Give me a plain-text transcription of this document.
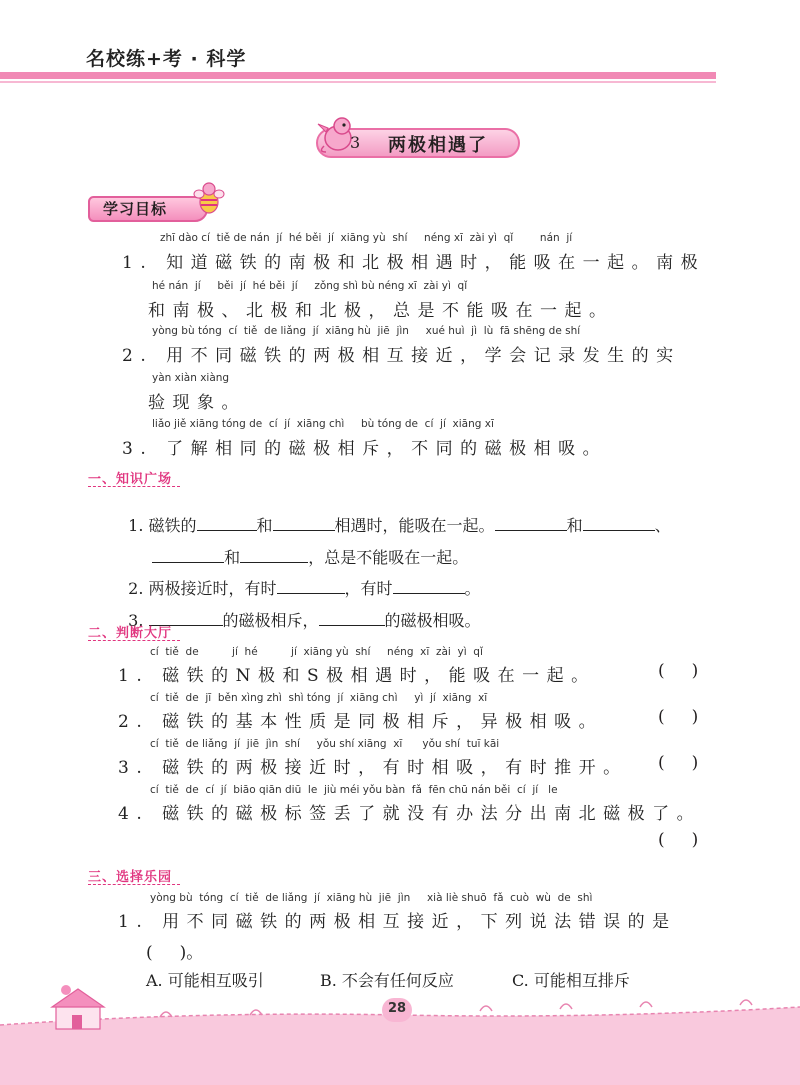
名校练+考 · 科学
3 两极相遇了
学习目标
zhī dào cí  tiě de nán  jí  hé běi  jí  xiāng yù  shí     néng xī  zài yì  qǐ        nán  jí
1. 知道磁铁的南极和北极相遇时，能吸在一起。南极
hé nán  jí     běi  jí  hé běi  jí     zǒng shì bù néng xī  zài yì  qǐ
和南极、北极和北极，总是不能吸在一起。
yòng bù tóng  cí  tiě  de liǎng  jí  xiāng hù  jiē  jìn     xué huì  jì  lù  fā shēng de shí
2. 用不同磁铁的两极相互接近，学会记录发生的实
yàn xiàn xiàng
验现象。
liǎo jiě xiāng tóng de  cí  jí  xiāng chì     bù tóng de  cí  jí  xiāng xī
3. 了解相同的磁极相斥，不同的磁极相吸。
一、知识广场

1. 磁铁的	和	相遇时，能吸在一起。	和	、

和	，总是不能吸在一起。

2. 两极接近时，有时	，有时	。

3.	的磁极相斥，	的磁极相吸。

二、判断大厅
cí  tiě  de          jí  hé          jí  xiāng yù  shí     néng  xī  zài  yì  qǐ
1. 磁铁的N极和S极相遇时，能吸在一起。	(     )
cí  tiě  de  jī  běn xìng zhì  shì tóng  jí  xiāng chì     yì  jí  xiāng  xī
2. 磁铁的基本性质是同极相斥，异极相吸。	(     )
cí  tiě  de liǎng  jí  jiē  jìn  shí     yǒu shí xiāng  xī      yǒu shí  tuī kāi
3. 磁铁的两极接近时，有时相吸，有时推开。 (     )
cí  tiě  de  cí  jí  biāo qiān diū  le  jiù méi yǒu bàn  fǎ  fēn chū nán běi  cí  jí   le
4. 磁铁的磁极标签丢了就没有办法分出南北磁极了。
(     )
三、选择乐园
yòng bù  tóng  cí  tiě  de liǎng  jí  xiāng hù  jiē  jìn     xià liè shuō  fǎ  cuò  wù  de  shì
1. 用不同磁铁的两极相互接近，下列说法错误的是
(     )。
A. 可能相互吸引	B. 不会有任何反应	C. 可能相互排斥
28
